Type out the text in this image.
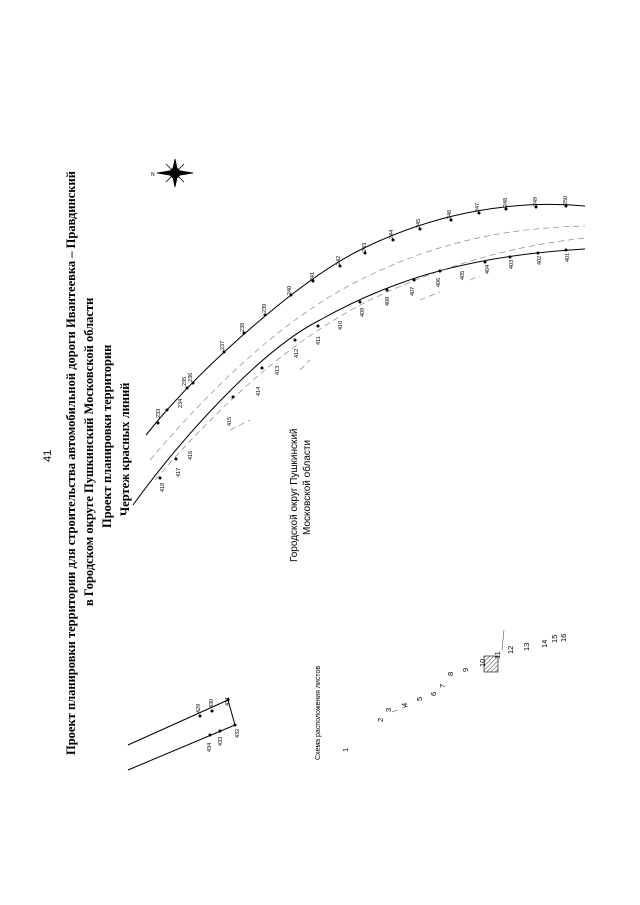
41 Проект планировки территории для строительства автомобильной дороги Ивантеевка – Правдинский в Городском округе Пушкинский Московской области Проект планировки территории Чертеж красных линий	Городской округ Пушкинский Московской области
Схема расположения листов
N
233
234
235 236
237
238
239
240
241
242
243
244
245
246
247
248	249	250
418
417
416
415
414
413
412
411
410
409
408
407
406
405
404
403	402	401
429
430 431
434
433
432
1
2
3
4
5
6
7
8
9
10
11
12 13 14
15 16
